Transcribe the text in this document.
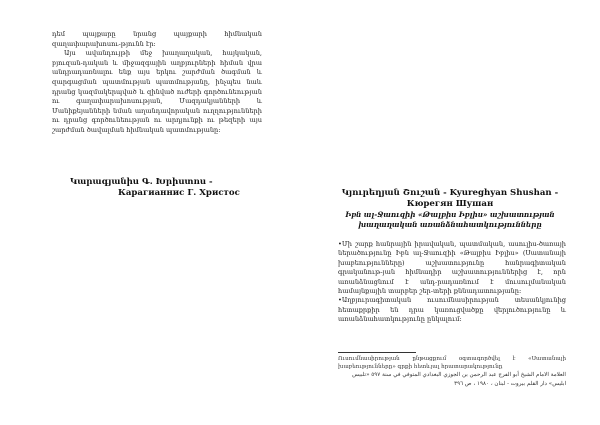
դեմ պայքարը նրանց պայքարի հիմնական զաղափարախոսու-թյունն էր:

Այս ավանդույթի մեջ խաղաղական, հայկական, բյուզան-դական և միջազգային աղբյուրների հիման վրա անդրադառնալու ենք այս երկու շարժման ծագման և զարգացման պատմության պատմությանը, ինչպես նաև դրանց կազմակերպված և զինված ուժերի գործունեության ու գաղափարախոսության, Մազդակյանների և Մանիքեյանների նման աղանդավորական ուղղությունների ու դրանց գործունեության ու արդյունքի ու թեզերի այս շարժման ծավալման հիմնական պատմությանը:

Կարագյանիս Գ. Խրիստոս -
Карагианнис Г. Христос	Կյուրեղյան Շուշան - Kyureghyan Shushan -
Кюрегян Шушан
Իբն ալ-Ջաուզիի «Թալբիս Իբլիս» աշխատության
խաղաղական առանձնահատկությունները

•Մի շարք հանրային իրավական, պատմական, ասուլիս-ծառայի ներածությունը Իբն ալ-Ջաուզիի «Թալբիս Իբլիս» (Սատանայի խաբեությունները) աշխատությունը հանրագիտական գրականութ-յան հիմնադիր աշխատություններից է, որն առանձնացնում է անդ-րադառնում է մուսուլմանական համայնքային տարբեր շեր-տերի քննադատությանը:

•Աղբյուրագիտական ուսումնասիրության տեսանկյունից հետաքրքիր են դրա կառուցվածքը վերլուծությունը և առանձնահատկությունը ընկալում:

Ուսումնասիրության ընթացքում օգտագործվել է «Սատանայի խաբեությունները» գրքի հետևյալ հրատարակությունը

العلامة الامام الشيخ أبو الفرج عبد الرحمن بن الجوزي البغدادي المتوفي في سنة ٥٩٧ «تلبيس

ابليس» دار القلم بيروت - لبنان ، ١٩٨٠ ، ص ٣٩٦
